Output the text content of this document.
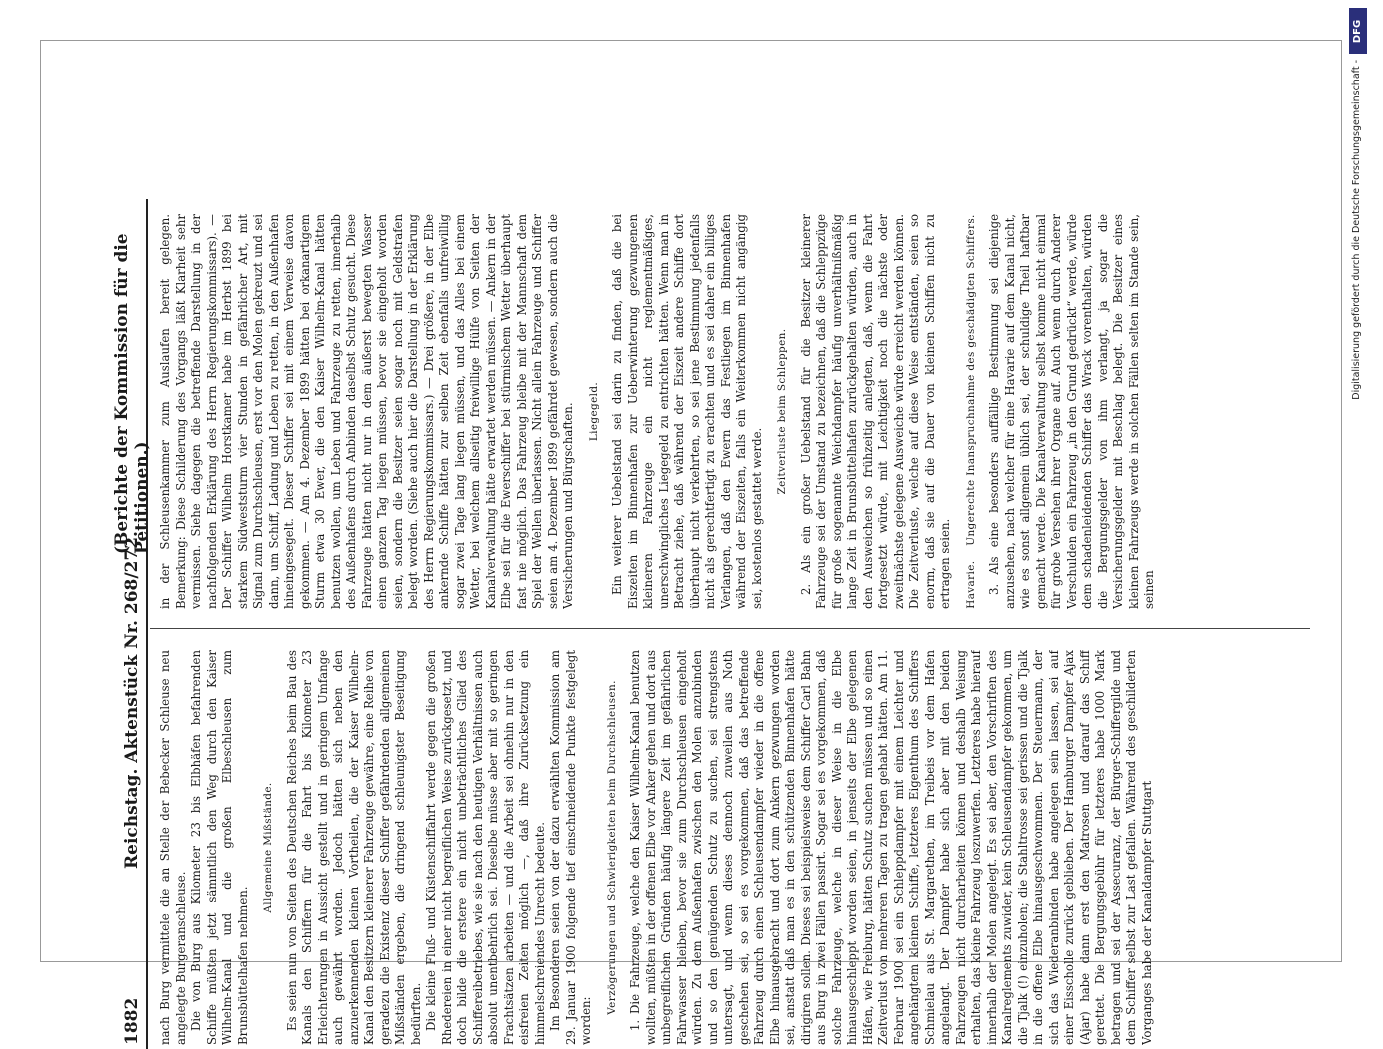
1882
Reichstag. Aktenstück Nr. 268/272.
(Berichte der Kommission für die Petitionen.)

nach Burg vermittele die an Stelle der Bebecker Schleuse neu angelegte Burgeranschleuse. Die von Burg aus Kilometer 23 bis Elbhäfen befahrenden Schiffe müßten jetzt sämmtlich den Weg durch den Kaiser Wilhelm-Kanal und die großen Elbeschleusen zum Brunsbüttelhafen nehmen.

Allgemeine Mißstände. Es seien nun von Seiten des Deutschen Reiches beim Bau des Kanals den Schiffern für die Fahrt bis Kilometer 23 Erleichterungen in Aussicht gestellt und in geringem Umfange auch gewährt worden. Jedoch hätten sich neben den anzuerkennenden kleinen Vortheilen, die der Kaiser Wilhelm-Kanal den Besitzern kleinerer Fahrzeuge gewähre, eine Reihe von geradezu die Existenz dieser Schiffer gefährdenden allgemeinen Mißständen ergeben, die dringend schleunigster Beseitigung bedürften. Die kleine Fluß- und Küstenschiffahrt werde gegen die großen Rhedereien in einer nicht begreiflichen Weise zurückgesetzt, und doch bilde die erstere ein nicht unbeträchtliches Glied des Schiffereibetriebes, wie sie nach den heutigen Verhältnissen auch absolut unentbehrlich sei. Dieselbe müsse aber mit so geringen Frachtsätzen arbeiten — und die Arbeit sei ohnehin nur in den eisfreien Zeiten möglich —, daß ihre Zurücksetzung ein himmelschreiendes Unrecht bedeute. Im Besonderen seien von der dazu erwählten Kommission am 29. Januar 1900 folgende tief einschneidende Punkte festgelegt worden:

Verzögerungen und Schwierigkeiten beim Durchschleusen. 1. Die Fahrzeuge, welche den Kaiser Wilhelm-Kanal benutzen wollten, müßten in der offenen Elbe vor Anker gehen und dort aus unbegreiflichen Gründen häufig längere Zeit im gefährlichen Fahrwasser bleiben, bevor sie zum Durchschleusen eingeholt würden. Zu dem Außenhafen zwischen den Molen anzubinden und so den genügenden Schutz zu suchen, sei strengstens untersagt, und wenn dieses dennoch zuweilen aus Noth geschehen sei, so sei es vorgekommen, daß das betreffende Fahrzeug durch einen Schleusendampfer wieder in die offene Elbe hinausgebracht und dort zum Ankern gezwungen worden sei, anstatt daß man es in den schützenden Binnenhafen hätte dirigiren sollen. Dieses sei beispielsweise dem Schiffer Carl Bahn aus Burg in zwei Fällen passirt. Sogar sei es vorgekommen, daß solche Fahrzeuge, welche in dieser Weise in die Elbe hinausgeschleppt worden seien, in jenseits der Elbe gelegenen Häfen, wie Freiburg, hätten Schutz suchen müssen und so einen Zeitverlust von mehreren Tagen zu tragen gehabt hätten. Am 11. Februar 1900 sei ein Schleppdampfer mit einem Leichter und angehängtem kleinen Schiffe, letzteres Eigenthum des Schiffers Schmielau aus St. Margarethen, im Treibeis vor dem Hafen angelangt. Der Dampfer habe sich aber mit den beiden Fahrzeugen nicht durcharbeiten können und deshalb Weisung erhalten, das kleine Fahrzeug loszuwerfen. Letzteres habe hierauf innerhalb der Molen angelegt. Es sei aber, den Vorschriften des Kanalreglements zuwider, kein Schleusendampfer gekommen, um die Tjalk (!) einzuholen; die Stahltrosse sei gerissen und die Tjalk in die offene Elbe hinausgeschwommen. Der Steuermann, der sich das Wiederanbinden habe angelegen sein lassen, sei auf einer Eisscholle zurück geblieben. Der Hamburger Dampfer Ajax (Ajar) habe dann erst den Matrosen und darauf das Schiff gerettet. Die Bergungsgebühr für letzteres habe 1000 Mark betragen und sei der Assecuranz, der Bürger-Schiffergilde und dem Schiffer selbst zur Last gefallen. Während des geschilderten Vorganges habe der Kanaldampfer Stuttgart

in der Schleusenkammer zum Auslaufen bereit gelegen. Bemerkung: Diese Schilderung des Vorgangs läßt Klarheit sehr vermissen. Siehe dagegen die betreffende Darstellung in der nachfolgenden Erklärung des Herrn Regierungskommissars). — Der Schiffer Wilhelm Horstkamer habe im Herbst 1899 bei starkem Südweststurm vier Stunden in gefährlicher Art, mit Signal zum Durchschleusen, erst vor den Molen gekreuzt und sei dann, um Schiff, Ladung und Leben zu retten, in den Außenhafen hineingesegelt. Dieser Schiffer sei mit einem Verweise davon gekommen. — Am 4. Dezember 1899 hätten bei orkanartigem Sturm etwa 30 Ewer, die den Kaiser Wilhelm-Kanal hätten benutzen wollen, um Leben und Fahrzeuge zu retten, innerhalb des Außenhafens durch Anbinden daselbst Schutz gesucht. Diese Fahrzeuge hätten nicht nur in dem äußerst bewegten Wasser einen ganzen Tag liegen müssen, bevor sie eingeholt worden seien, sondern die Besitzer seien sogar noch mit Geldstrafen belegt worden. (Siehe auch hier die Darstellung in der Erklärung des Herrn Regierungskommissars.) — Drei größere, in der Elbe ankernde Schiffe hätten zur selben Zeit ebenfalls unfreiwillig sogar zwei Tage lang liegen müssen, und das Alles bei einem Wetter, bei welchem allseitig freiwillige Hülfe von Seiten der Kanalverwaltung hätte erwartet werden müssen. — Ankern in der Elbe sei für die Ewerschiffer bei stürmischem Wetter überhaupt fast nie möglich. Das Fahrzeug bleibe mit der Mannschaft dem Spiel der Wellen überlassen. Nicht allein Fahrzeuge und Schiffer seien am 4. Dezember 1899 gefährdet gewesen, sondern auch die Versicherungen und Bürgschaften. Liegegeld. Ein weiterer Uebelstand sei darin zu finden, daß die bei Eiszeiten im Binnenhafen zur Ueberwinterung gezwungenen kleineren Fahrzeuge ein nicht reglementmäßiges, unerschwingliches Liegegeld zu entrichten hätten. Wenn man in Betracht ziehe, daß während der Eiszeit andere Schiffe dort überhaupt nicht verkehrten, so sei jene Bestimmung jedenfalls nicht als gerechtfertigt zu erachten und es sei daher ein billiges Verlangen, daß den Ewern das Festliegen im Binnenhafen während der Eiszeiten, falls ein Weiterkommen nicht angängig sei, kostenlos gestattet werde.

Zeitverluste beim Schleppen. 2. Als ein großer Uebelstand für die Besitzer kleinerer Fahrzeuge sei der Umstand zu bezeichnen, daß die Schleppzüge für große sogenannte Weichdampfer häufig unverhältnißmäßig lange Zeit in Brunsbüttelhafen zurückgehalten würden, auch in den Ausweichen so frühzeitig anlegten, daß, wenn die Fahrt fortgesetzt würde, mit Leichtigkeit noch die nächste oder zweitnächste gelegene Ausweiche würde erreicht werden können. Die Zeitverluste, welche auf diese Weise entständen, seien so enorm, daß sie auf die Dauer von kleinen Schiffen nicht zu ertragen seien. Havarie.    Ungerechte Inanspruchnahme des geschädigten Schiffers. 3. Als eine besonders auffällige Bestimmung sei diejenige anzusehen, nach welcher für eine Havarie auf dem Kanal nicht, wie es sonst allgemein üblich sei, der schuldige Theil haftbar gemacht werde. Die Kanalverwaltung selbst komme nicht einmal für grobe Versehen ihrer Organe auf. Auch wenn durch Anderer Verschulden ein Fahrzeug „in den Grund gedrückt“ werde, würde dem schadenleidenden Schiffer das Wrack vorenthalten, würden die Bergungsgelder von ihm verlangt, ja sogar die Versicherungsgelder mit Beschlag belegt. Die Besitzer eines kleinen Fahrzeugs werde in solchen Fällen selten im Stande sein, seinen

DFG
Digitalisierung gefördert durch die Deutsche Forschungsgemeinschaft -
